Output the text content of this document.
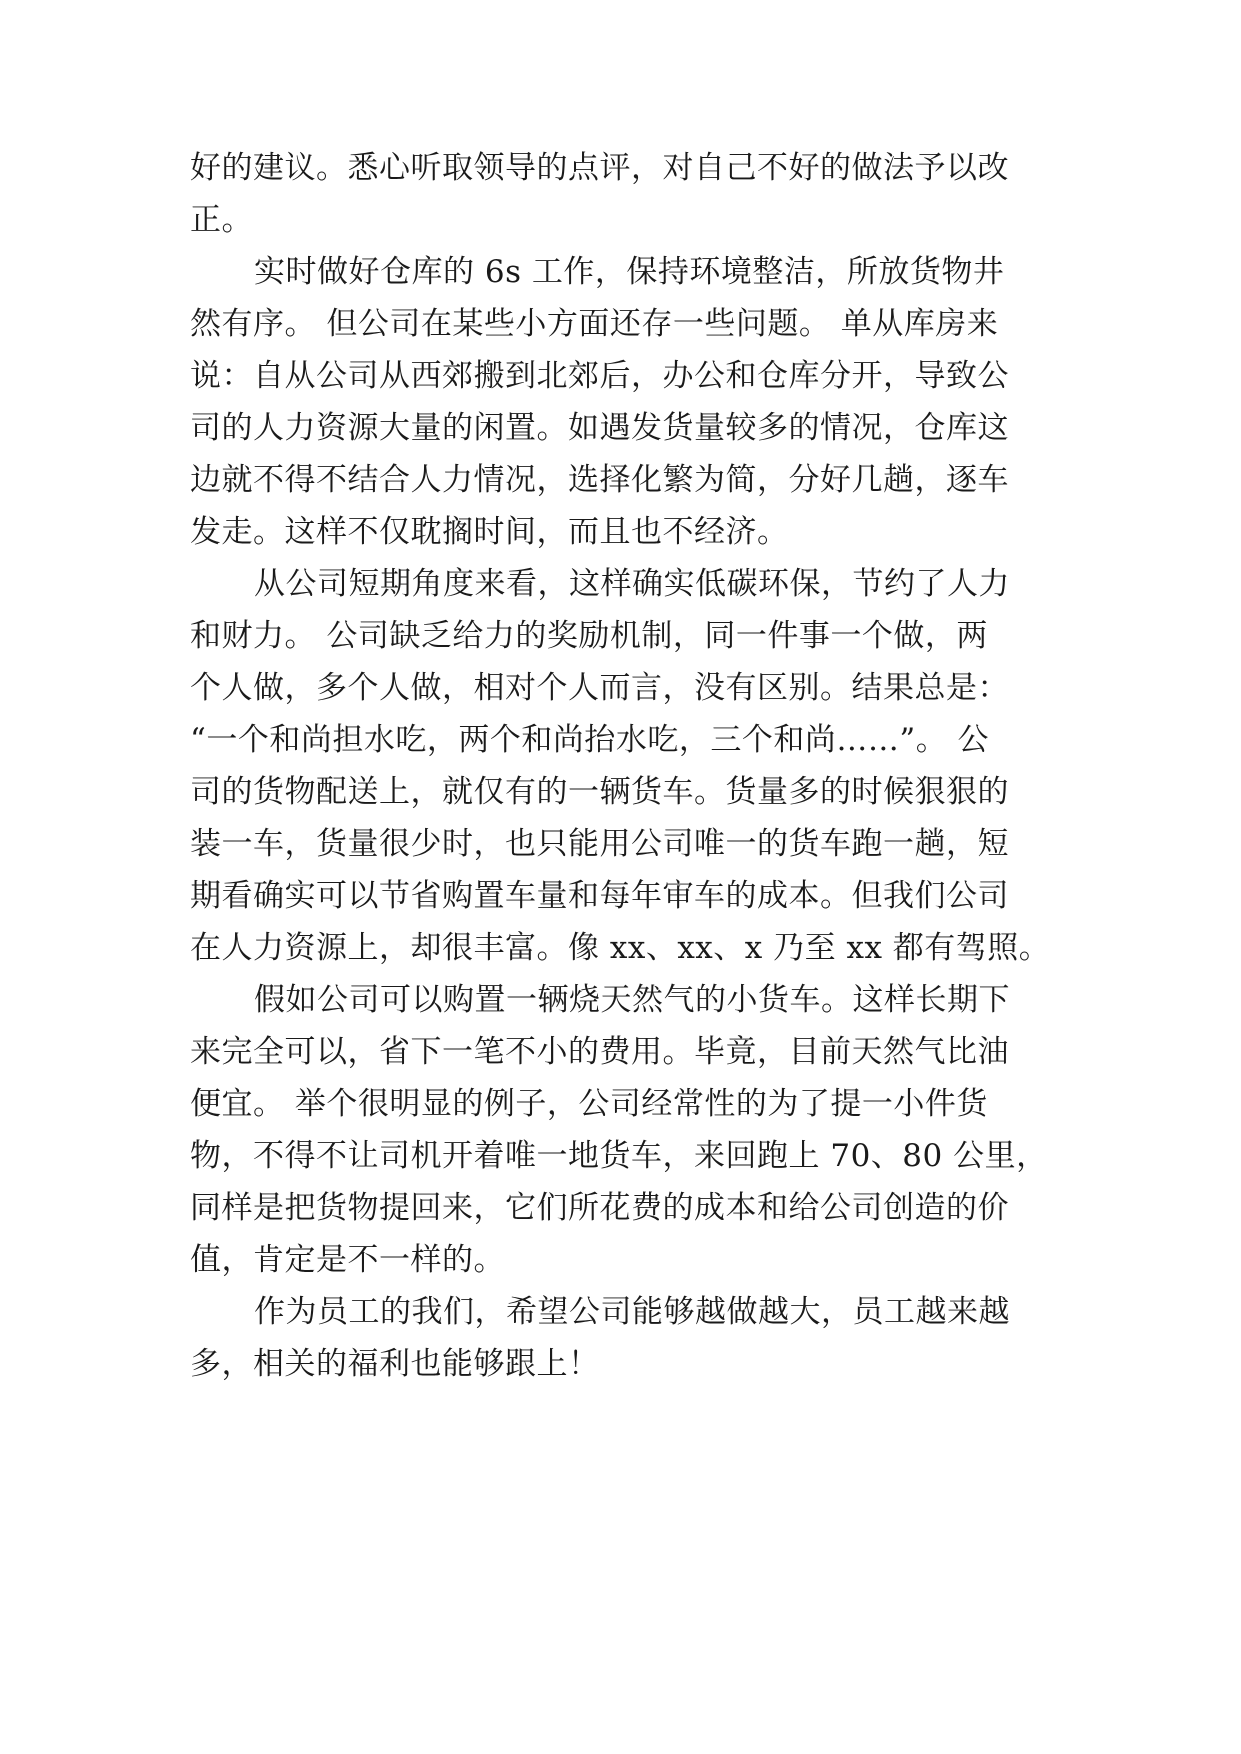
好的建议。悉心听取领导的点评，对自己不好的做法予以改
正。
实时做好仓库的 6s 工作，保持环境整洁，所放货物井
然有序。 但公司在某些小方面还存一些问题。 单从库房来
说：自从公司从西郊搬到北郊后，办公和仓库分开，导致公
司的人力资源大量的闲置。如遇发货量较多的情况，仓库这
边就不得不结合人力情况，选择化繁为简，分好几趟，逐车
发走。这样不仅耽搁时间，而且也不经济。
从公司短期角度来看，这样确实低碳环保，节约了人力
和财力。 公司缺乏给力的奖励机制，同一件事一个做，两
个人做，多个人做，相对个人而言，没有区别。结果总是：
“一个和尚担水吃，两个和尚抬水吃，三个和尚……”。 公
司的货物配送上，就仅有的一辆货车。货量多的时候狠狠的
装一车，货量很少时，也只能用公司唯一的货车跑一趟，短
期看确实可以节省购置车量和每年审车的成本。但我们公司
在人力资源上，却很丰富。像 xx、xx、x 乃至 xx 都有驾照。
假如公司可以购置一辆烧天然气的小货车。这样长期下
来完全可以，省下一笔不小的费用。毕竟，目前天然气比油
便宜。 举个很明显的例子，公司经常性的为了提一小件货
物，不得不让司机开着唯一地货车，来回跑上 70、80 公里，
同样是把货物提回来，它们所花费的成本和给公司创造的价
值，肯定是不一样的。
作为员工的我们，希望公司能够越做越大，员工越来越
多，相关的福利也能够跟上！
